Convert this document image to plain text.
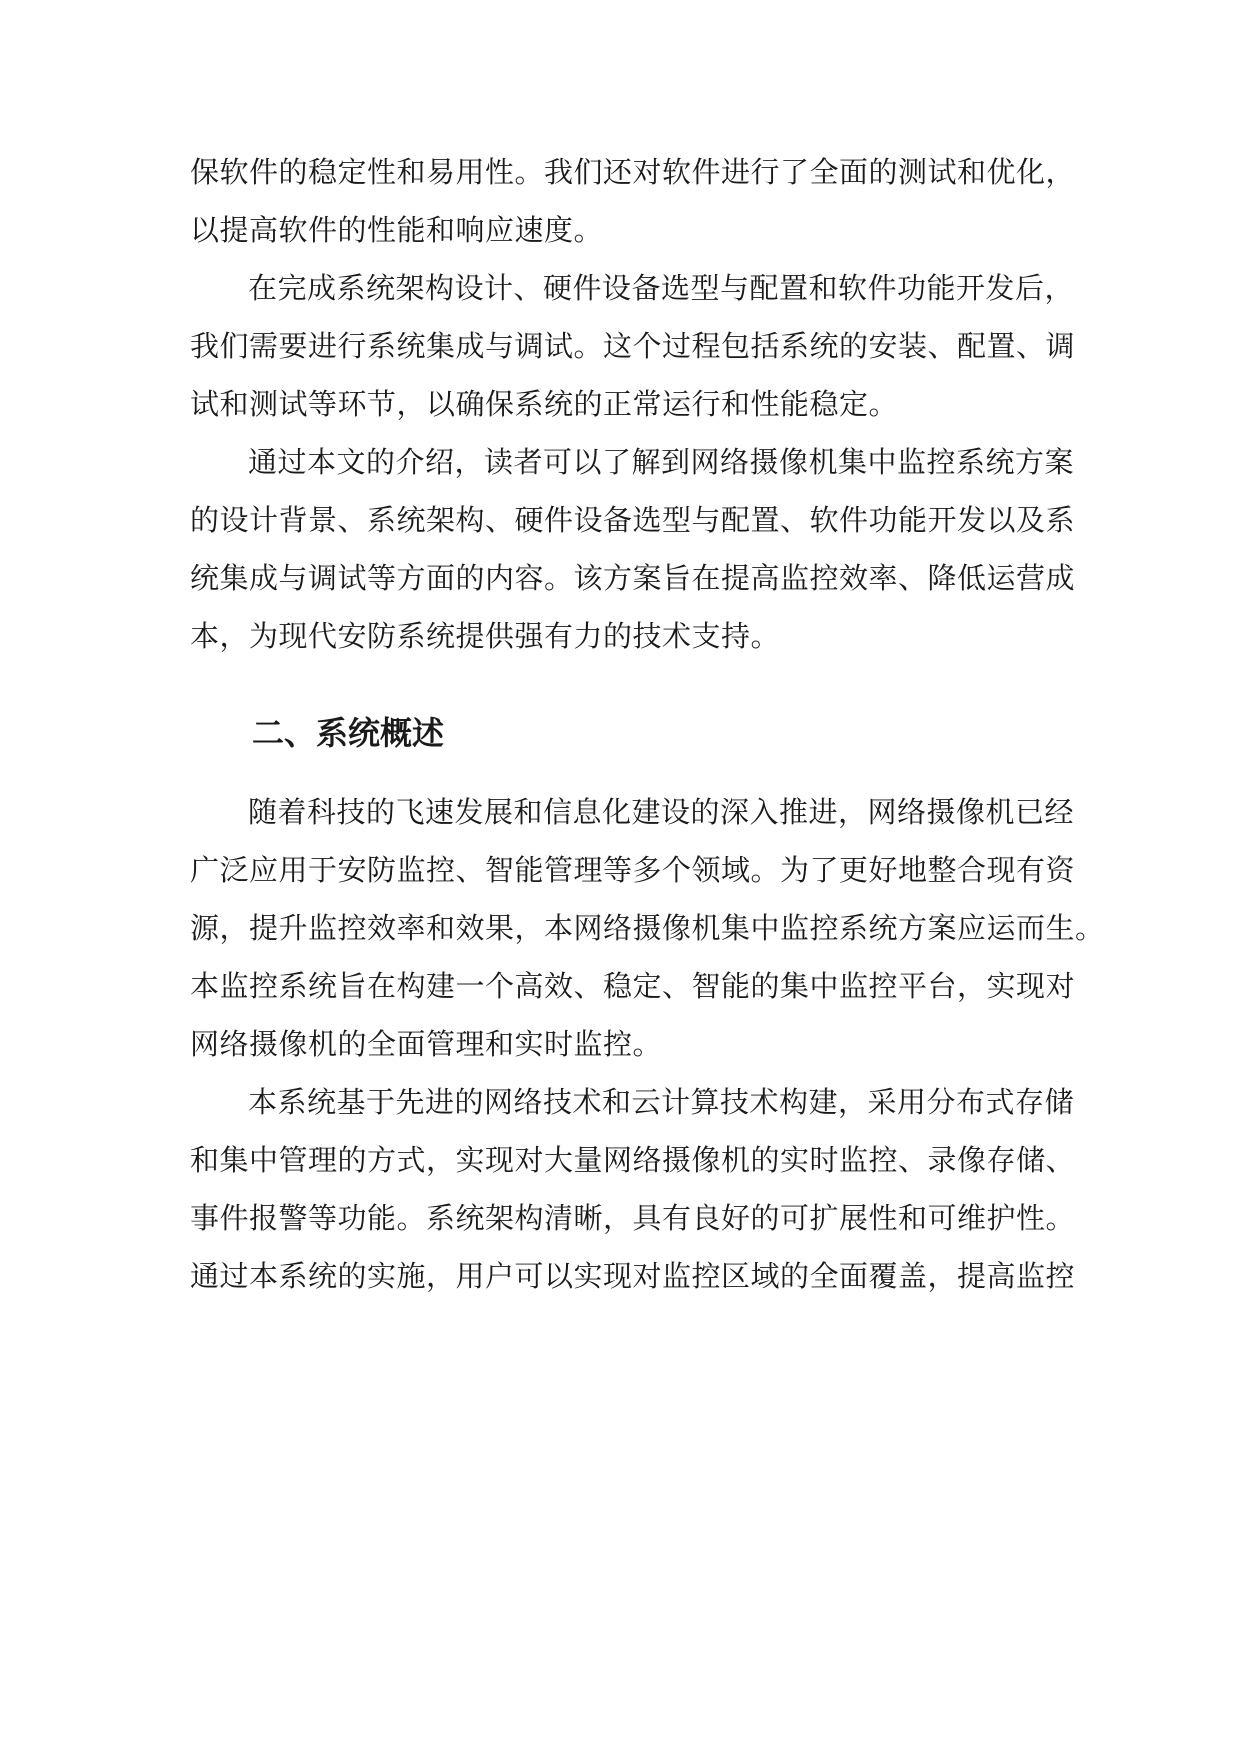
保软件的稳定性和易用性。我们还对软件进行了全面的测试和优化，
以提高软件的性能和响应速度。
在完成系统架构设计、硬件设备选型与配置和软件功能开发后，
我们需要进行系统集成与调试。这个过程包括系统的安装、配置、调
试和测试等环节，以确保系统的正常运行和性能稳定。
通过本文的介绍，读者可以了解到网络摄像机集中监控系统方案
的设计背景、系统架构、硬件设备选型与配置、软件功能开发以及系
统集成与调试等方面的内容。该方案旨在提高监控效率、降低运营成
本，为现代安防系统提供强有力的技术支持。
二、系统概述
随着科技的飞速发展和信息化建设的深入推进，网络摄像机已经
广泛应用于安防监控、智能管理等多个领域。为了更好地整合现有资
源，提升监控效率和效果，本网络摄像机集中监控系统方案应运而生。
本监控系统旨在构建一个高效、稳定、智能的集中监控平台，实现对
网络摄像机的全面管理和实时监控。
本系统基于先进的网络技术和云计算技术构建，采用分布式存储
和集中管理的方式，实现对大量网络摄像机的实时监控、录像存储、
事件报警等功能。系统架构清晰，具有良好的可扩展性和可维护性。
通过本系统的实施，用户可以实现对监控区域的全面覆盖，提高监控
